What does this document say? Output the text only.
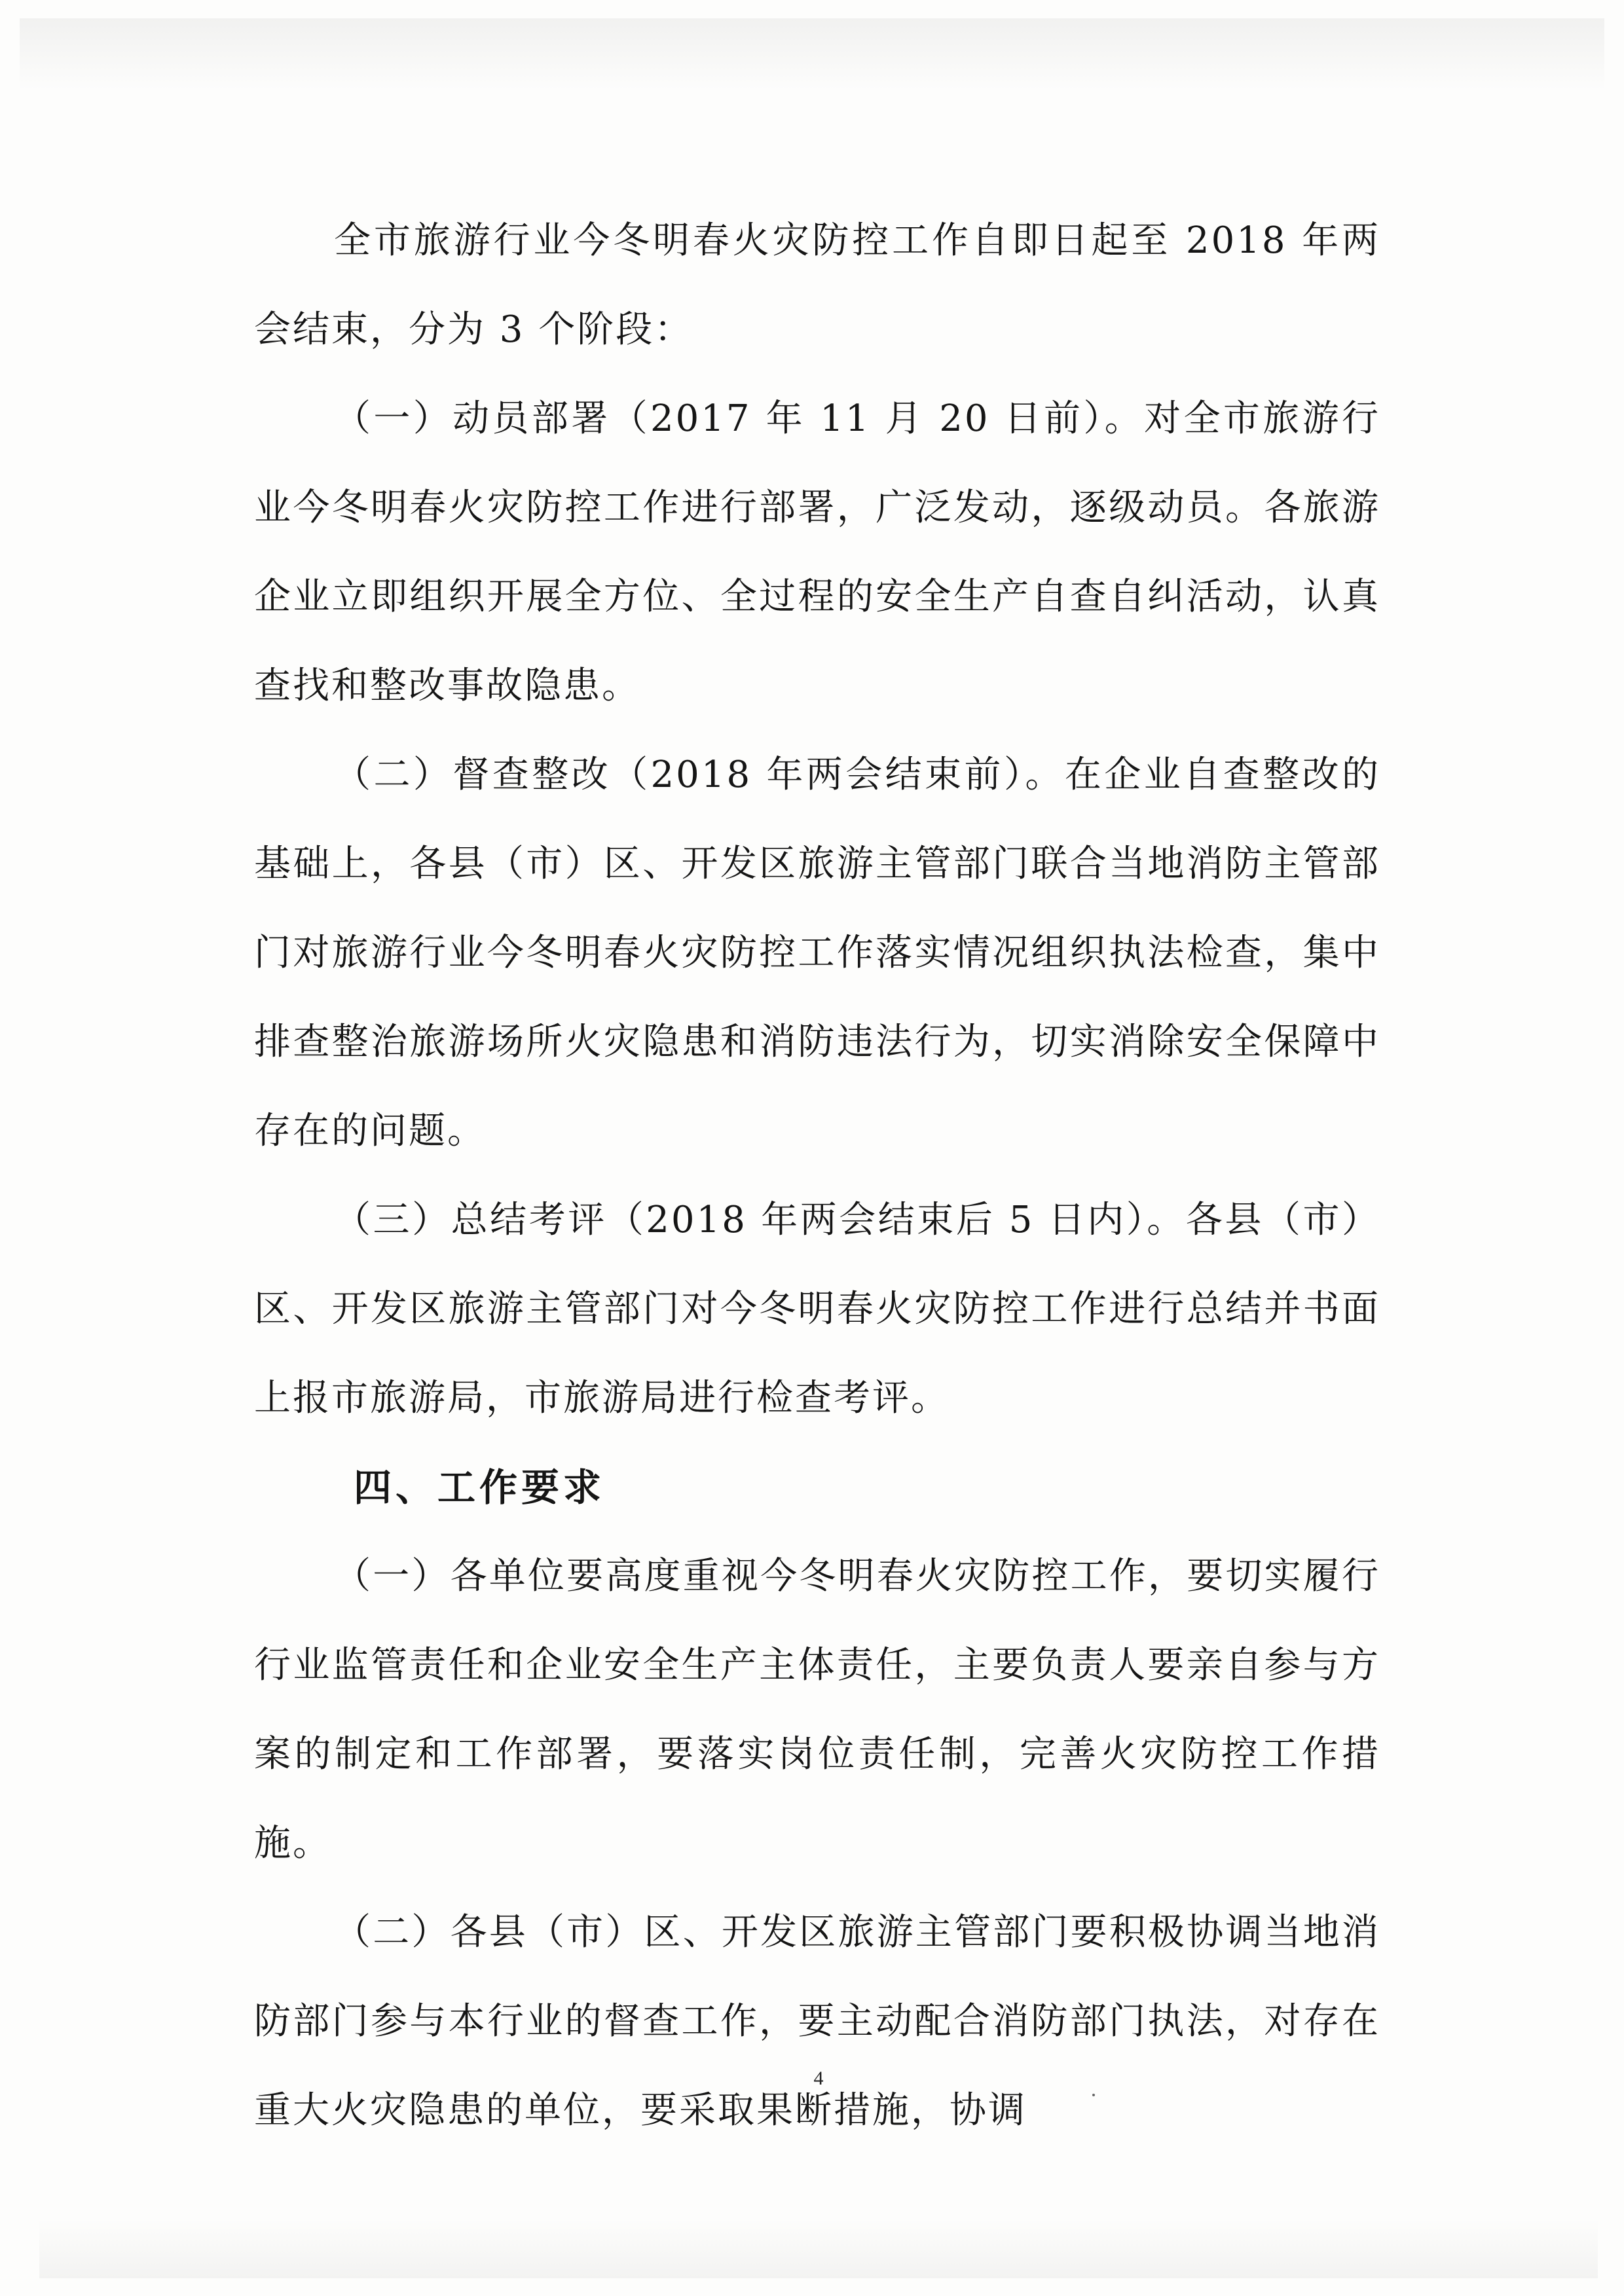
全市旅游行业今冬明春火灾防控工作自即日起至 2018 年两会结束，分为 3 个阶段：

（一）动员部署（2017 年 11 月 20 日前）。对全市旅游行业今冬明春火灾防控工作进行部署，广泛发动，逐级动员。各旅游企业立即组织开展全方位、全过程的安全生产自查自纠活动，认真查找和整改事故隐患。

（二）督查整改（2018 年两会结束前）。在企业自查整改的基础上，各县（市）区、开发区旅游主管部门联合当地消防主管部门对旅游行业今冬明春火灾防控工作落实情况组织执法检查，集中排查整治旅游场所火灾隐患和消防违法行为，切实消除安全保障中存在的问题。

（三）总结考评（2018 年两会结束后 5 日内）。各县（市）区、开发区旅游主管部门对今冬明春火灾防控工作进行总结并书面上报市旅游局，市旅游局进行检查考评。

四、工作要求

（一）各单位要高度重视今冬明春火灾防控工作，要切实履行行业监管责任和企业安全生产主体责任，主要负责人要亲自参与方案的制定和工作部署，要落实岗位责任制，完善火灾防控工作措施。

（二）各县（市）区、开发区旅游主管部门要积极协调当地消防部门参与本行业的督查工作，要主动配合消防部门执法，对存在重大火灾隐患的单位，要采取果断措施，协调

4
